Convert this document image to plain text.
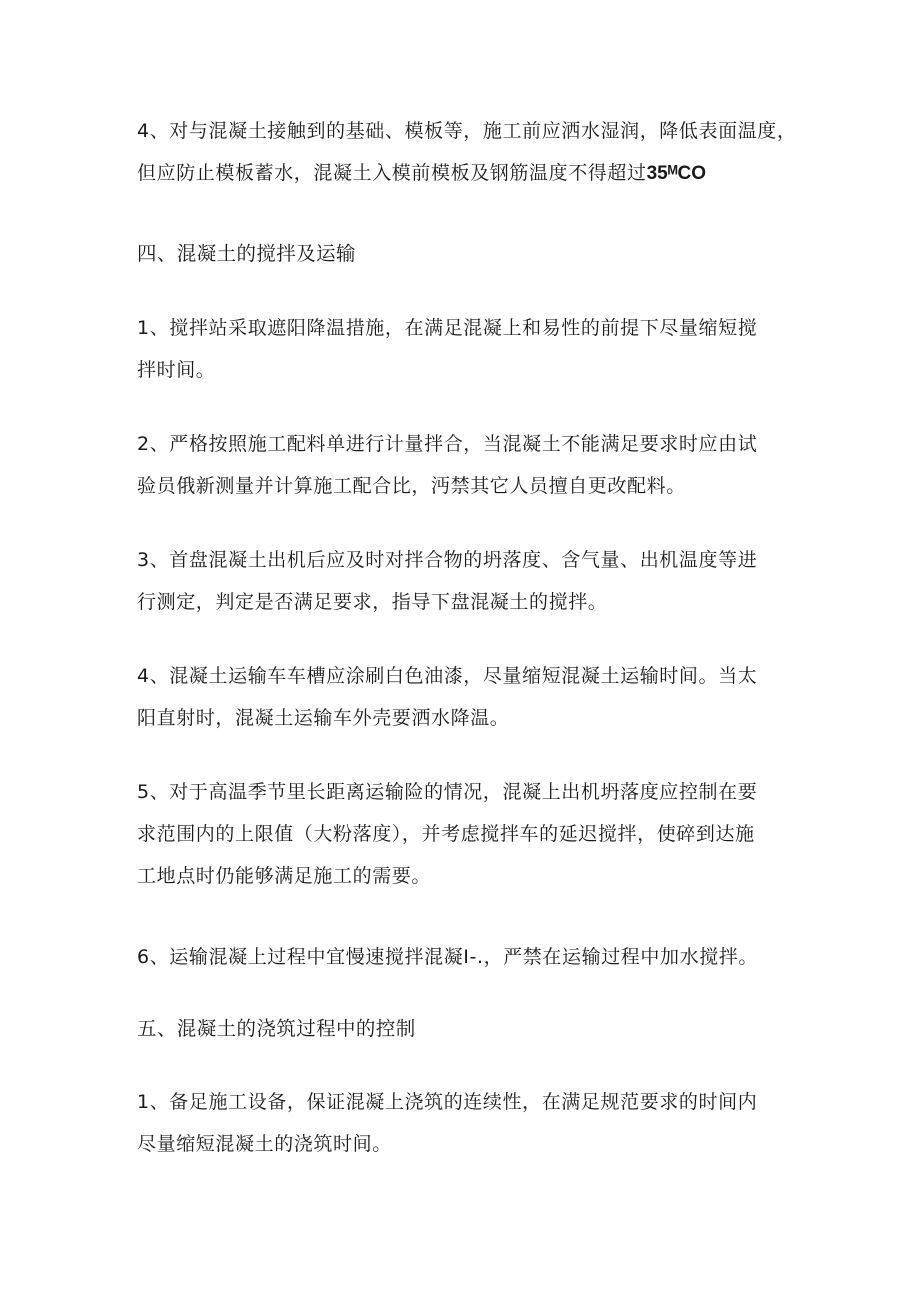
4、对与混凝土接触到的基础、模板等，施工前应洒水湿润，降低表面温度，
但应防止模板蓄水，混凝土入模前模板及钢筋温度不得超过35ᴹCO
四、混凝土的搅拌及运输
1、搅拌站采取遮阳降温措施，在满足混凝上和易性的前提下尽量缩短搅
拌时间。
2、严格按照施工配料单进行计量拌合，当混凝土不能满足要求时应由试
验员俄新测量并计算施工配合比，沔禁其它人员擅自更改配料。
3、首盘混凝土出机后应及时对拌合物的坍落度、含气量、出机温度等进
行测定，判定是否满足要求，指导下盘混凝土的搅拌。
4、混凝土运输车车槽应涂刷白色油漆，尽量缩短混凝土运输时间。当太
阳直射时，混凝土运输车外壳要洒水降温。
5、对于高温季节里长距离运输险的情况，混凝上出机坍落度应控制在要
求范围内的上限值（大粉落度），并考虑搅拌车的延迟搅拌，使碎到达施
工地点时仍能够满足施工的需要。
6、运输混凝上过程中宜慢速搅拌混凝I-.，严禁在运输过程中加水搅拌。
五、混凝土的浇筑过程中的控制
1、备足施工设备，保证混凝上浇筑的连续性，在满足规范要求的时间内
尽量缩短混凝土的浇筑时间。
